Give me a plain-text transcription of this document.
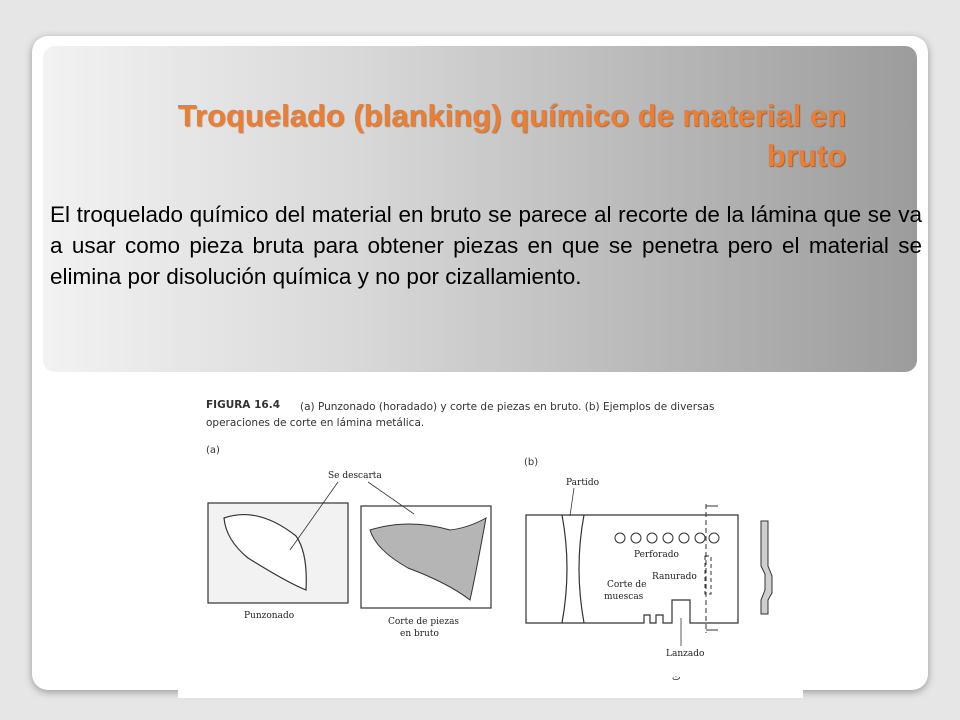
Troquelado (blanking) químico de material en bruto

El troquelado químico del material en bruto se parece al recorte de la lámina que se va a usar como pieza bruta para obtener piezas en que se penetra pero el material se elimina por disolución química y no por cizallamiento.

FIGURA 16.4 (a) Punzonado (horadado) y corte de piezas en bruto. (b) Ejemplos de diversas
operaciones de corte en lámina metálica.
(a)
(b)
Se descarta
Punzonado
Corte de piezas
en bruto
Partido
Perforado
Ranurado
Corte de
muescas
Lanzado
ت
